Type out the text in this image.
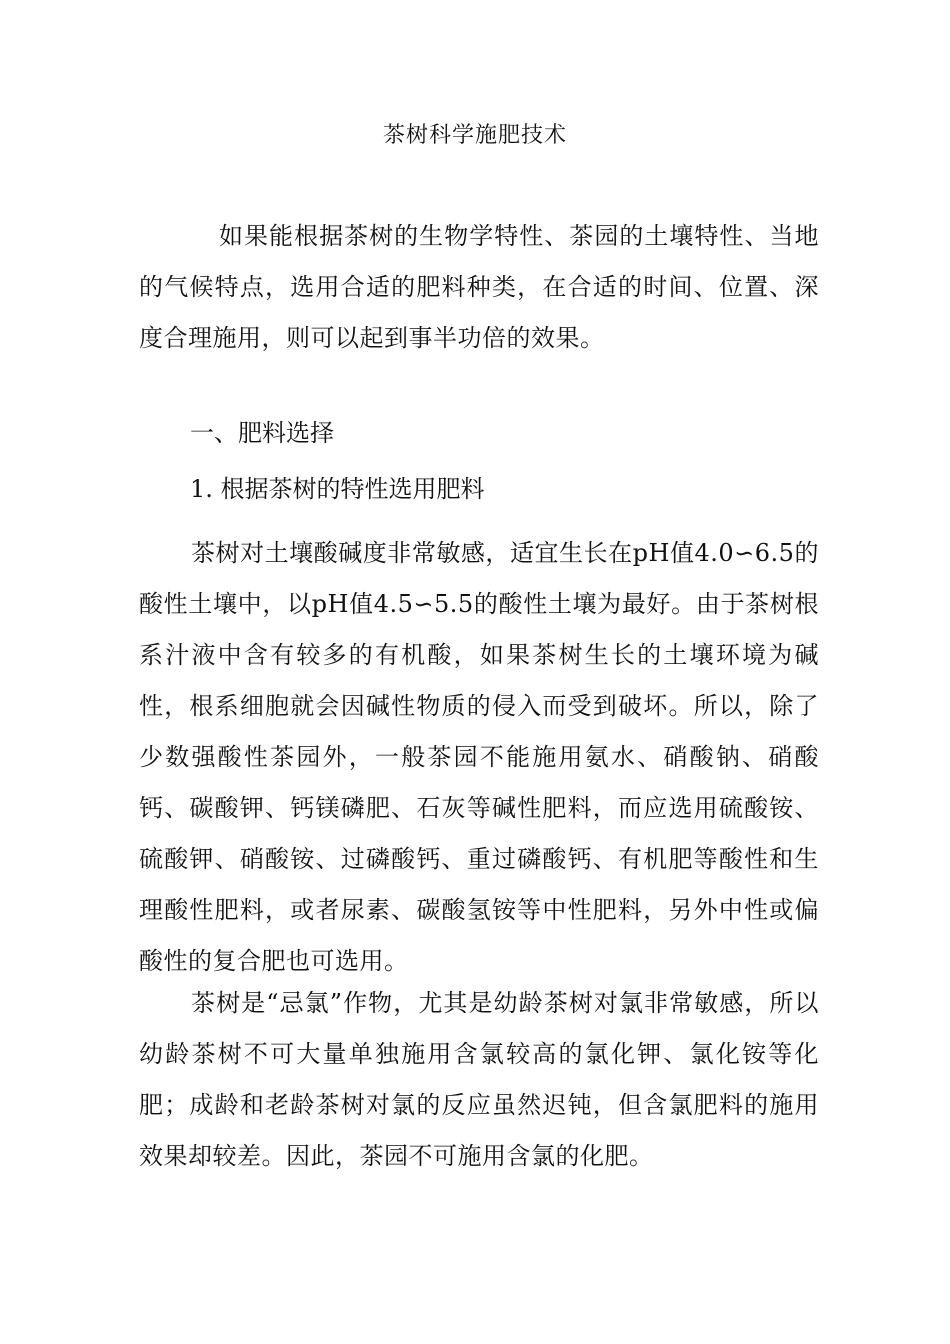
茶树科学施肥技术

如果能根据茶树的生物学特性、茶园的土壤特性、当地的气候特点，选用合适的肥料种类，在合适的时间、位置、深度合理施用，则可以起到事半功倍的效果。

一、肥料选择

1. 根据茶树的特性选用肥料

茶树对土壤酸碱度非常敏感，适宜生长在pH值4.0∽6.5的酸性土壤中，以pH值4.5∽5.5的酸性土壤为最好。由于茶树根系汁液中含有较多的有机酸，如果茶树生长的土壤环境为碱性，根系细胞就会因碱性物质的侵入而受到破坏。所以，除了少数强酸性茶园外，一般茶园不能施用氨水、硝酸钠、硝酸钙、碳酸钾、钙镁磷肥、石灰等碱性肥料，而应选用硫酸铵、硫酸钾、硝酸铵、过磷酸钙、重过磷酸钙、有机肥等酸性和生理酸性肥料，或者尿素、碳酸氢铵等中性肥料，另外中性或偏酸性的复合肥也可选用。

茶树是“忌氯”作物，尤其是幼龄茶树对氯非常敏感，所以幼龄茶树不可大量单独施用含氯较高的氯化钾、氯化铵等化肥；成龄和老龄茶树对氯的反应虽然迟钝，但含氯肥料的施用效果却较差。因此，茶园不可施用含氯的化肥。
